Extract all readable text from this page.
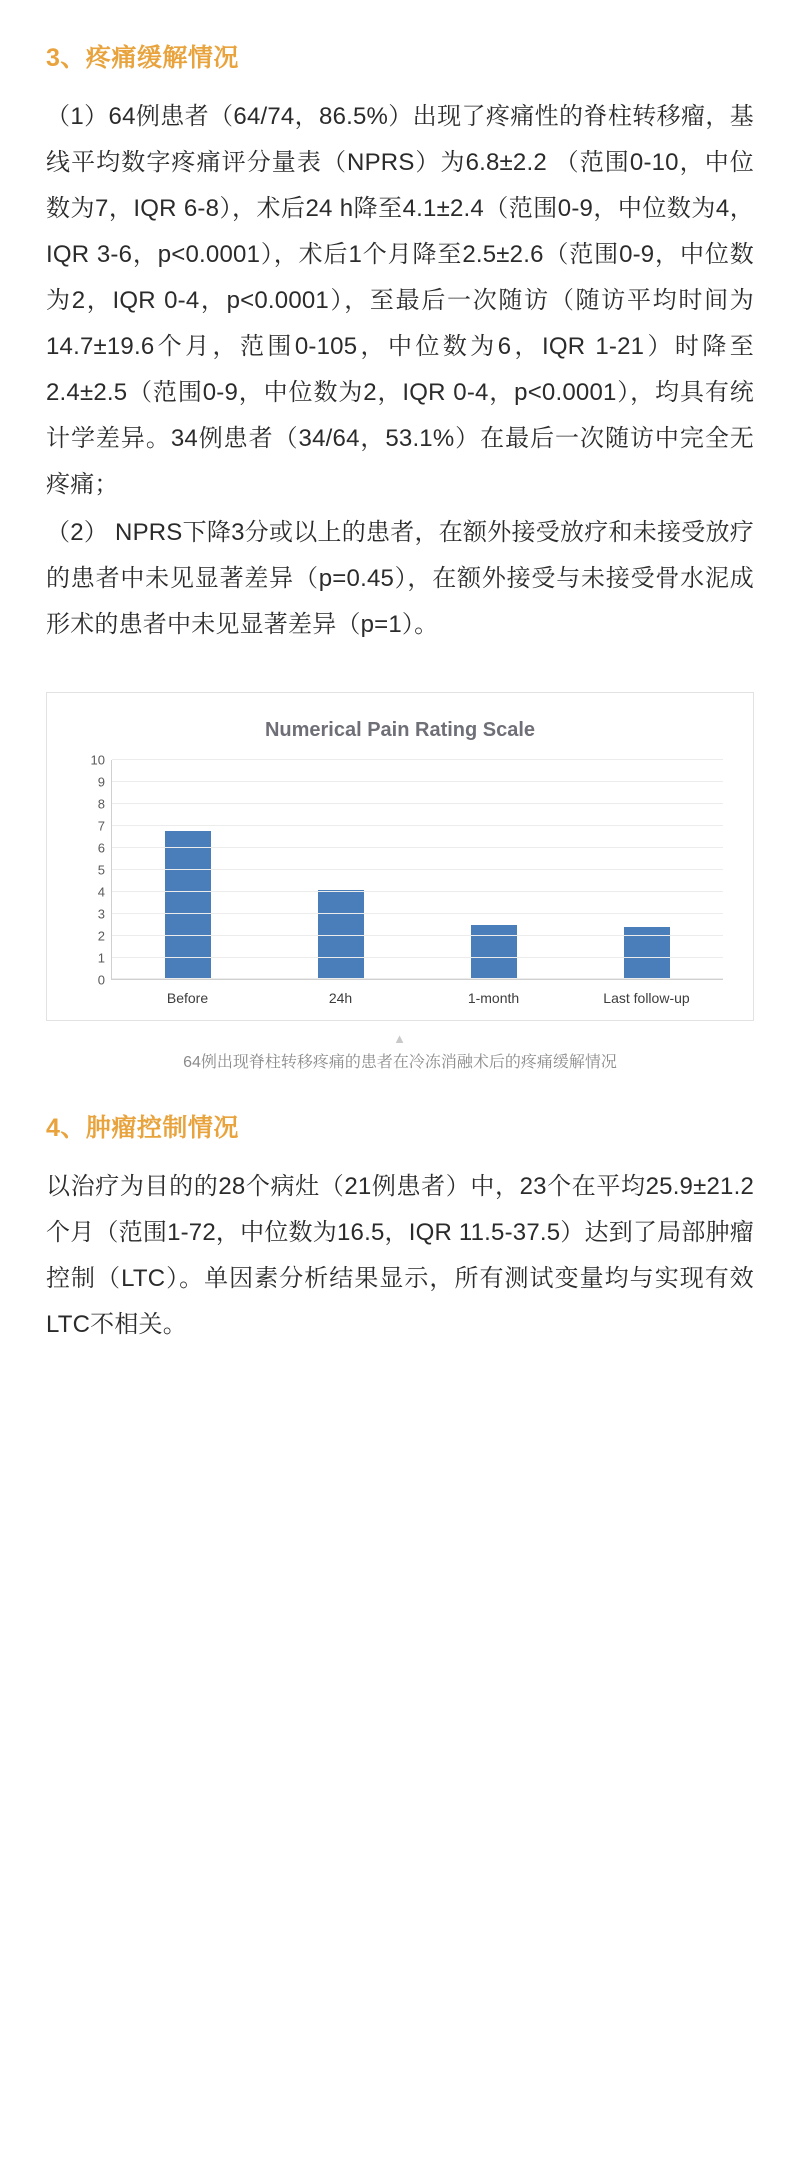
3、疼痛缓解情况

（1）64例患者（64/74，86.5%）出现了疼痛性的脊柱转移瘤，基线平均数字疼痛评分量表（NPRS）为6.8±2.2 （范围0-10，中位数为7，IQR 6-8），术后24 h降至4.1±2.4（范围0-9，中位数为4，IQR 3-6，p<0.0001），术后1个月降至2.5±2.6（范围0-9，中位数为2，IQR 0-4，p<0.0001），至最后一次随访（随访平均时间为14.7±19.6个月，范围0-105，中位数为6，IQR 1-21）时降至2.4±2.5（范围0-9，中位数为2，IQR 0-4，p<0.0001），均具有统计学差异。34例患者（34/64，53.1%）在最后一次随访中完全无疼痛；

（2） NPRS下降3分或以上的患者，在额外接受放疗和未接受放疗的患者中未见显著差异（p=0.45），在额外接受与未接受骨水泥成形术的患者中未见显著差异（p=1）。

Numerical Pain Rating Scale
0
1
2
3
4
5
6
7
8
9
10
Before	24h	1-month	Last follow-up
▲
64例出现脊柱转移疼痛的患者在冷冻消融术后的疼痛缓解情况
4、肿瘤控制情况

以治疗为目的的28个病灶（21例患者）中，23个在平均25.9±21.2个月（范围1-72，中位数为16.5，IQR 11.5-37.5）达到了局部肿瘤控制（LTC）。单因素分析结果显示，所有测试变量均与实现有效LTC不相关。
